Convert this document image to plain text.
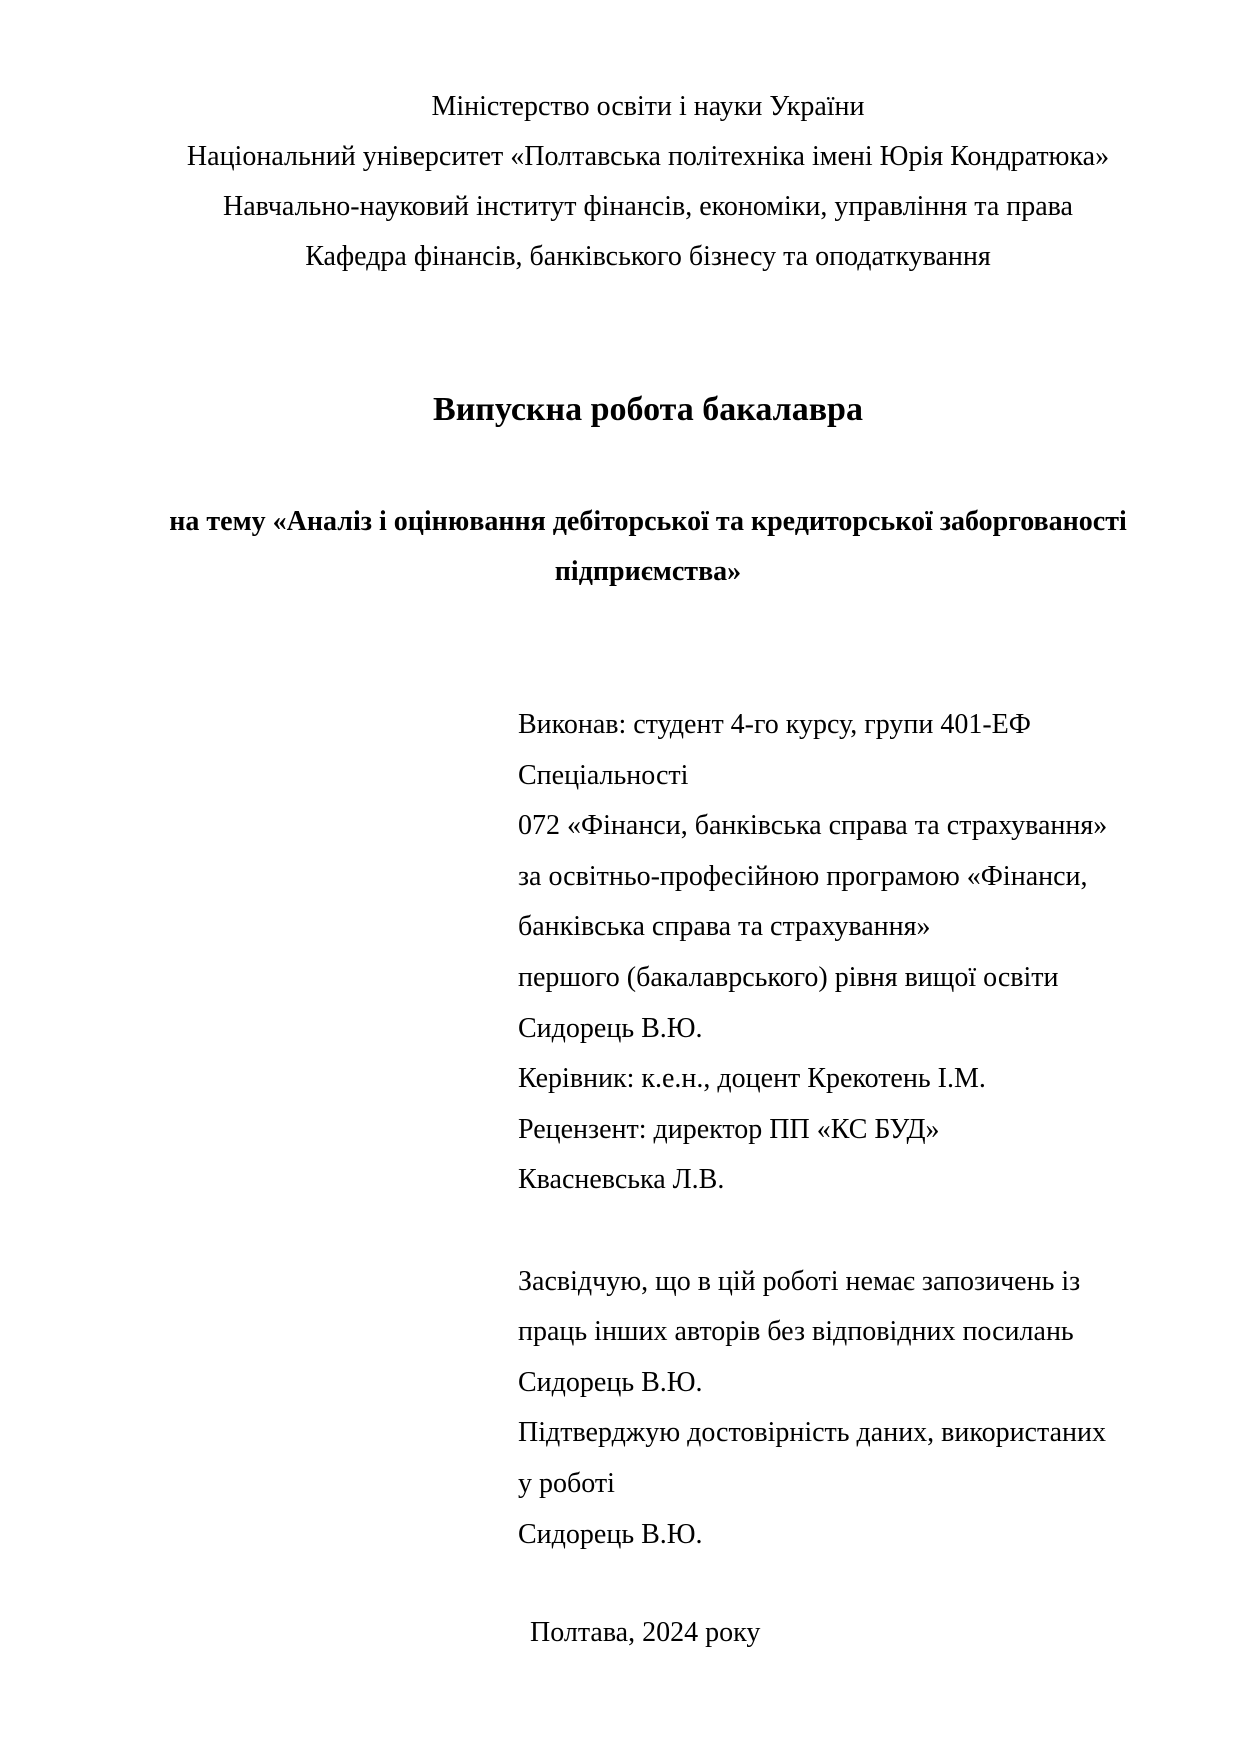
Міністерство освіти і науки України
Національний університет «Полтавська політехніка імені Юрія Кондратюка»
Навчально-науковий інститут фінансів, економіки, управління та права
Кафедра фінансів, банківського бізнесу та оподаткування
Випускна робота бакалавра
на тему «Аналіз і оцінювання дебіторської та кредиторської заборгованості
підприємства»
Виконав: студент 4-го курсу, групи 401-ЕФ
Спеціальності
072 «Фінанси, банківська справа та страхування»
за освітньо-професійною програмою «Фінанси,
банківська справа та страхування»
першого (бакалаврського) рівня вищої освіти
Сидорець В.Ю.
Керівник: к.е.н., доцент Крекотень І.М.
Рецензент: директор ПП «КС БУД»
Квасневська Л.В.
Засвідчую, що в цій роботі немає запозичень із
праць інших авторів без відповідних посилань
Сидорець В.Ю.
Підтверджую достовірність даних, використаних
у роботі
Сидорець В.Ю.
Полтава, 2024 року
